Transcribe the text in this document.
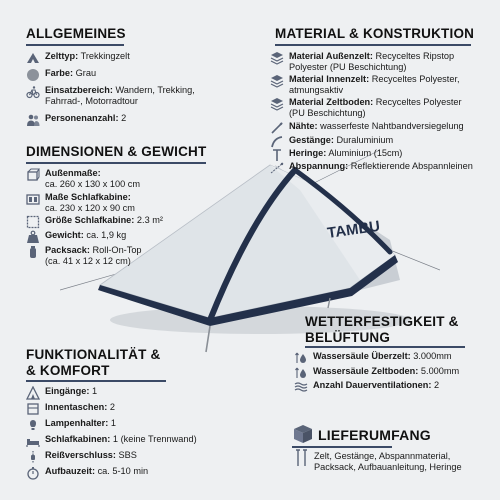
TAMBU
ALLGEMEINES
Zelttyp: Trekkingzelt
Farbe: Grau
Einsatzbereich: Wandern, Trekking,
Fahrrad-, Motorradtour
Personenanzahl: 2
MATERIAL & KONSTRUKTION
Material Außenzelt: Recyceltes Ripstop
Polyester (PU Beschichtung)
Material Innenzelt: Recyceltes Polyester,
atmungsaktiv
Material Zeltboden: Recyceltes Polyester
(PU Beschichtung)
Nähte: wasserfeste Nahtbandversiegelung
Gestänge: Duraluminium
Heringe: Aluminium (15cm)
Abspannung: Reflektierende Abspannleinen
DIMENSIONEN & GEWICHT
Außenmaße:
ca. 260 x 130 x 100 cm
Maße Schlafkabine:
ca. 230 x 120 x 90 cm
Größe Schlafkabine: 2.3 m²
Gewicht: ca. 1,9 kg
Packsack: Roll-On-Top
(ca. 41 x 12 x 12 cm)
WETTERFESTIGKEIT &
BELÜFTUNG
Wassersäule Überzelt: 3.000mm
Wassersäule Zeltboden: 5.000mm
Anzahl Dauerventilationen: 2
FUNKTIONALITÄT &
& KOMFORT
Eingänge: 1
Innentaschen: 2
Lampenhalter: 1
Schlafkabinen: 1 (keine Trennwand)
Reißverschluss: SBS
Aufbauzeit: ca. 5-10 min
LIEFERUMFANG
Zelt, Gestänge, Abspannmaterial,
Packsack, Aufbauanleitung, Heringe
